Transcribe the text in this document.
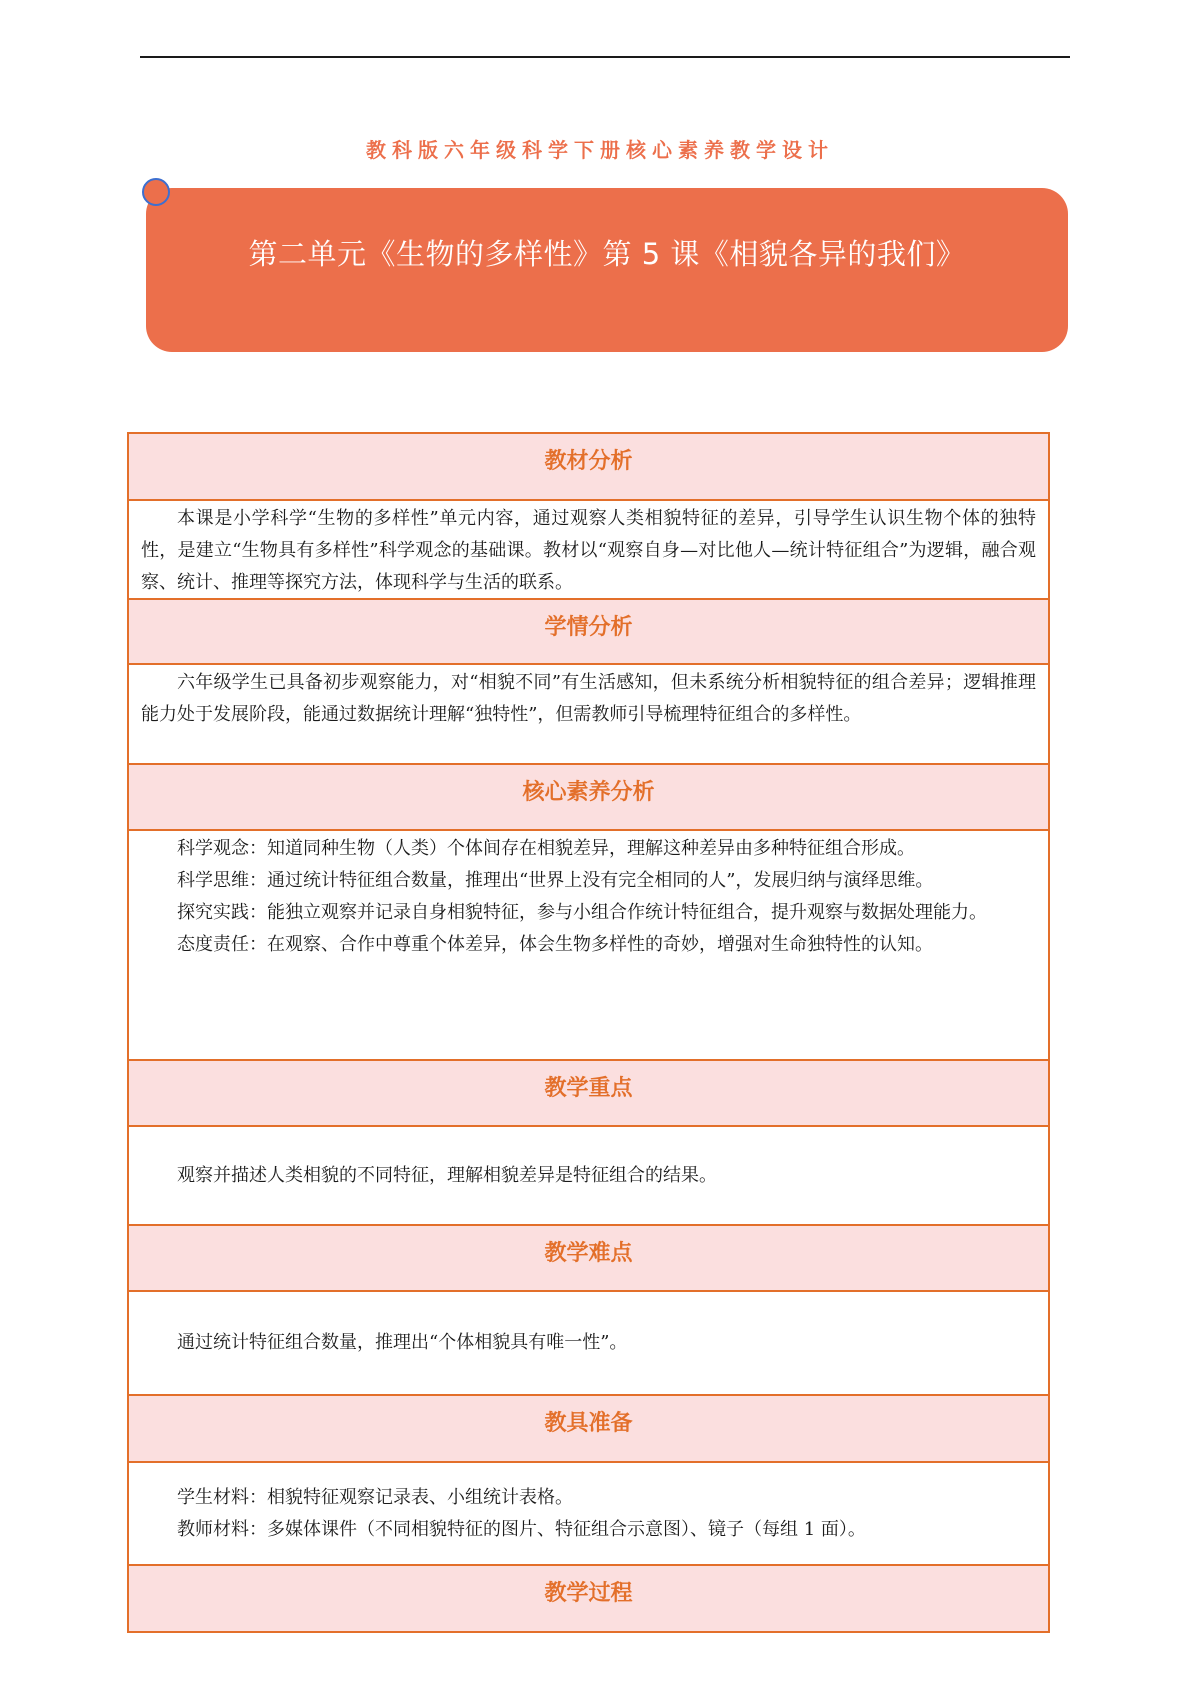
教科版六年级科学下册核心素养教学设计
第二单元《生物的多样性》第 5 课《相貌各异的我们》
教材分析

本课是小学科学“生物的多样性”单元内容，通过观察人类相貌特征的差异，引导学生认识生物个体的独特性，是建立“生物具有多样性”科学观念的基础课。教材以“观察自身—对比他人—统计特征组合”为逻辑，融合观察、统计、推理等探究方法，体现科学与生活的联系。

学情分析

六年级学生已具备初步观察能力，对“相貌不同”有生活感知，但未系统分析相貌特征的组合差异；逻辑推理能力处于发展阶段，能通过数据统计理解“独特性”，但需教师引导梳理特征组合的多样性。

核心素养分析

科学观念：知道同种生物（人类）个体间存在相貌差异，理解这种差异由多种特征组合形成。

科学思维：通过统计特征组合数量，推理出“世界上没有完全相同的人”，发展归纳与演绎思维。

探究实践：能独立观察并记录自身相貌特征，参与小组合作统计特征组合，提升观察与数据处理能力。

态度责任：在观察、合作中尊重个体差异，体会生物多样性的奇妙，增强对生命独特性的认知。

教学重点

观察并描述人类相貌的不同特征，理解相貌差异是特征组合的结果。

教学难点

通过统计特征组合数量，推理出“个体相貌具有唯一性”。

教具准备

学生材料：相貌特征观察记录表、小组统计表格。

教师材料：多媒体课件（不同相貌特征的图片、特征组合示意图）、镜子（每组 1 面）。

教学过程
